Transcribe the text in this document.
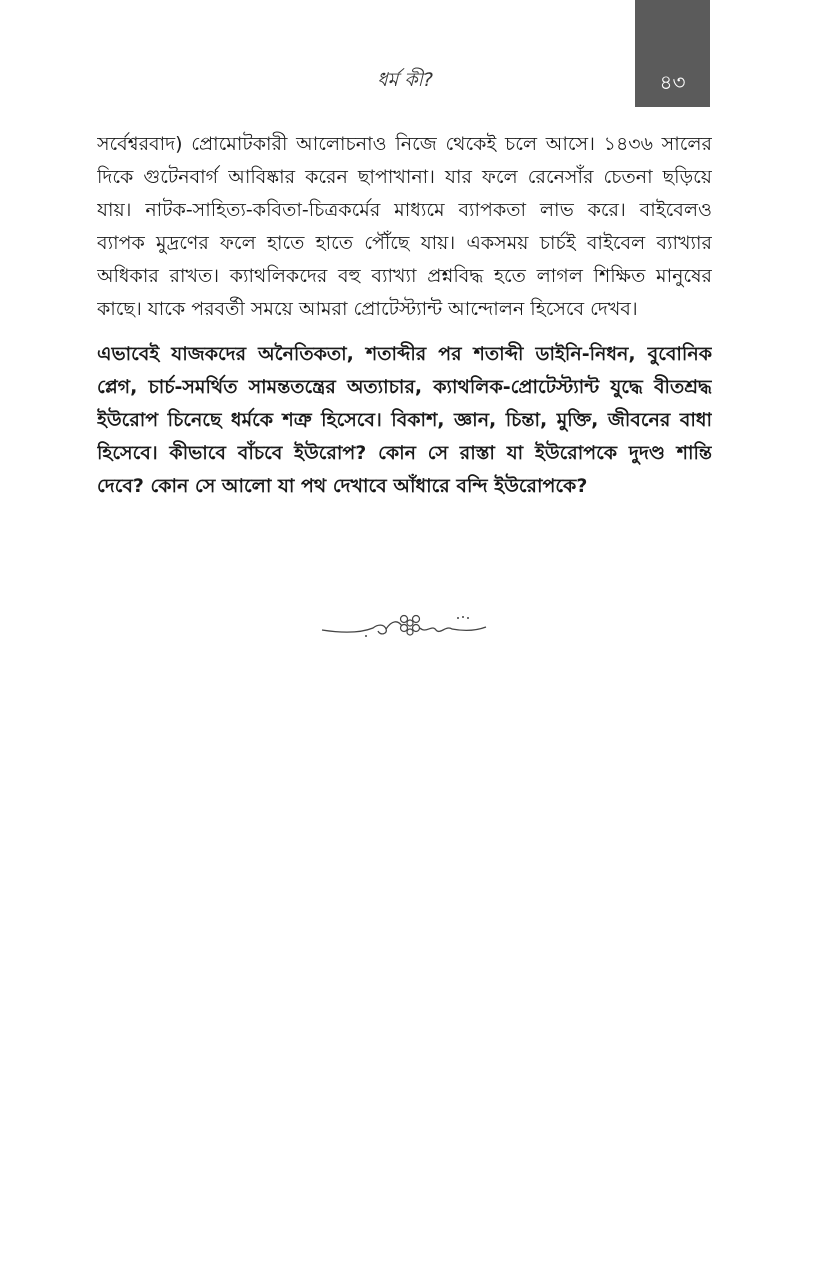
৪৩
ধর্ম কী?
সর্বেশ্বরবাদ) প্রোমোটকারী আলোচনাও নিজে থেকেই চলে আসে। ১৪৩৬ সালের
দিকে গুটেনবার্গ আবিষ্কার করেন ছাপাখানা। যার ফলে রেনেসাঁর চেতনা ছড়িয়ে
যায়। নাটক-সাহিত্য-কবিতা-চিত্রকর্মের মাধ্যমে ব্যাপকতা লাভ করে। বাইবেলও
ব্যাপক মুদ্রণের ফলে হাতে হাতে পৌঁছে যায়। একসময় চার্চই বাইবেল ব্যাখ্যার
অধিকার রাখত। ক্যাথলিকদের বহু ব্যাখ্যা প্রশ্নবিদ্ধ হতে লাগল শিক্ষিত মানুষের
কাছে। যাকে পরবর্তী সময়ে আমরা প্রোটেস্ট্যান্ট আন্দোলন হিসেবে দেখব।
এভাবেই যাজকদের অনৈতিকতা, শতাব্দীর পর শতাব্দী ডাইনি-নিধন, বুবোনিক
প্লেগ, চার্চ-সমর্থিত সামন্ততন্ত্রের অত্যাচার, ক্যাথলিক-প্রোটেস্ট্যান্ট যুদ্ধে বীতশ্রদ্ধ
ইউরোপ চিনেছে ধর্মকে শত্রু হিসেবে। বিকাশ, জ্ঞান, চিন্তা, মুক্তি, জীবনের বাধা
হিসেবে। কীভাবে বাঁচবে ইউরোপ? কোন সে রাস্তা যা ইউরোপকে দুদণ্ড শান্তি
দেবে? কোন সে আলো যা পথ দেখাবে আঁধারে বন্দি ইউরোপকে?
